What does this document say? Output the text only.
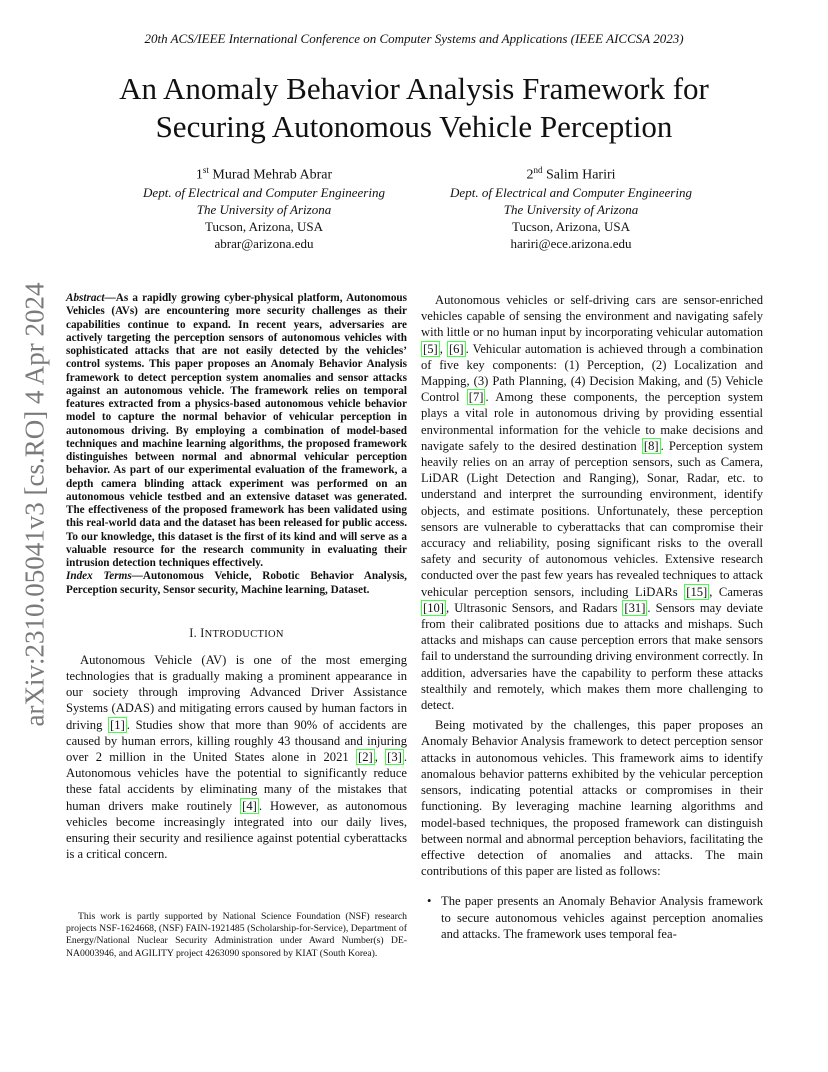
20th ACS/IEEE International Conference on Computer Systems and Applications (IEEE AICCSA 2023)
An Anomaly Behavior Analysis Framework for
Securing Autonomous Vehicle Perception
1st Murad Mehrab Abrar
Dept. of Electrical and Computer Engineering
The University of Arizona
Tucson, Arizona, USA
abrar@arizona.edu
2nd Salim Hariri
Dept. of Electrical and Computer Engineering
The University of Arizona
Tucson, Arizona, USA
hariri@ece.arizona.edu
arXiv:2310.05041v3 [cs.RO] 4 Apr 2024 Abstract—As a rapidly growing cyber-physical platform, Autonomous Vehicles (AVs) are encountering more security challenges as their capabilities continue to expand. In recent years, adversaries are actively targeting the perception sensors of autonomous vehicles with sophisticated attacks that are not easily detected by the vehicles’ control systems. This paper proposes an Anomaly Behavior Analysis framework to detect perception system anomalies and sensor attacks against an autonomous vehicle. The framework relies on temporal features extracted from a physics-based autonomous vehicle behavior model to capture the normal behavior of vehicular perception in autonomous driving. By employing a combination of model-based techniques and machine learning algorithms, the proposed framework distinguishes between normal and abnormal vehicular perception behavior. As part of our experimental evaluation of the framework, a depth camera blinding attack experiment was performed on an autonomous vehicle testbed and an extensive dataset was generated. The effectiveness of the proposed framework has been validated using this real-world data and the dataset has been released for public access. To our knowledge, this dataset is the first of its kind and will serve as a valuable resource for the research community in evaluating their intrusion detection techniques effectively.

Index Terms—Autonomous Vehicle, Robotic Behavior Analysis, Perception security, Sensor security, Machine learning, Dataset.

I. INTRODUCTION

Autonomous Vehicle (AV) is one of the most emerging technologies that is gradually making a prominent appearance in our society through improving Advanced Driver Assistance Systems (ADAS) and mitigating errors caused by human factors in driving [1] . Studies show that more than 90% of accidents are caused by human errors, killing roughly 43 thousand and injuring over 2 million in the United States alone in 2021 [2] , [3] . Autonomous vehicles have the potential to significantly reduce these fatal accidents by eliminating many of the mistakes that human drivers make routinely [4] . However, as autonomous vehicles become increasingly integrated into our daily lives, ensuring their security and resilience against potential cyberattacks is a critical concern.

This work is partly supported by National Science Foundation (NSF) research projects NSF-1624668, (NSF) FAIN-1921485 (Scholarship-for-Service), Department of Energy/National Nuclear Security Administration under Award Number(s) DE-NA0003946, and AGILITY project 4263090 sponsored by KIAT (South Korea).

Autonomous vehicles or self-driving cars are sensor-enriched vehicles capable of sensing the environment and navigating safely with little or no human input by incorporating vehicular automation [5] , [6] . Vehicular automation is achieved through a combination of five key components: (1) Perception, (2) Localization and Mapping, (3) Path Planning, (4) Decision Making, and (5) Vehicle Control [7] . Among these components, the perception system plays a vital role in autonomous driving by providing essential environmental information for the vehicle to make decisions and navigate safely to the desired destination [8] . Perception system heavily relies on an array of perception sensors, such as Camera, LiDAR (Light Detection and Ranging), Sonar, Radar, etc. to understand and interpret the surrounding environment, identify objects, and estimate positions. Unfortunately, these perception sensors are vulnerable to cyberattacks that can compromise their accuracy and reliability, posing significant risks to the overall safety and security of autonomous vehicles. Extensive research conducted over the past few years has revealed techniques to attack vehicular perception sensors, including LiDARs [15] , Cameras [10] , Ultrasonic Sensors, and Radars [31] . Sensors may deviate from their calibrated positions due to attacks and mishaps. Such attacks and mishaps can cause perception errors that make sensors fail to understand the surrounding driving environment correctly. In addition, adversaries have the capability to perform these attacks stealthily and remotely, which makes them more challenging to detect.

Being motivated by the challenges, this paper proposes an Anomaly Behavior Analysis framework to detect perception sensor attacks in autonomous vehicles. This framework aims to identify anomalous behavior patterns exhibited by the vehicular perception sensors, indicating potential attacks or compromises in their functioning. By leveraging machine learning algorithms and model-based techniques, the proposed framework can distinguish between normal and abnormal perception behaviors, facilitating the effective detection of anomalies and attacks. The main contributions of this paper are listed as follows:

• The paper presents an Anomaly Behavior Analysis framework to secure autonomous vehicles against perception anomalies and attacks. The framework uses temporal fea-
